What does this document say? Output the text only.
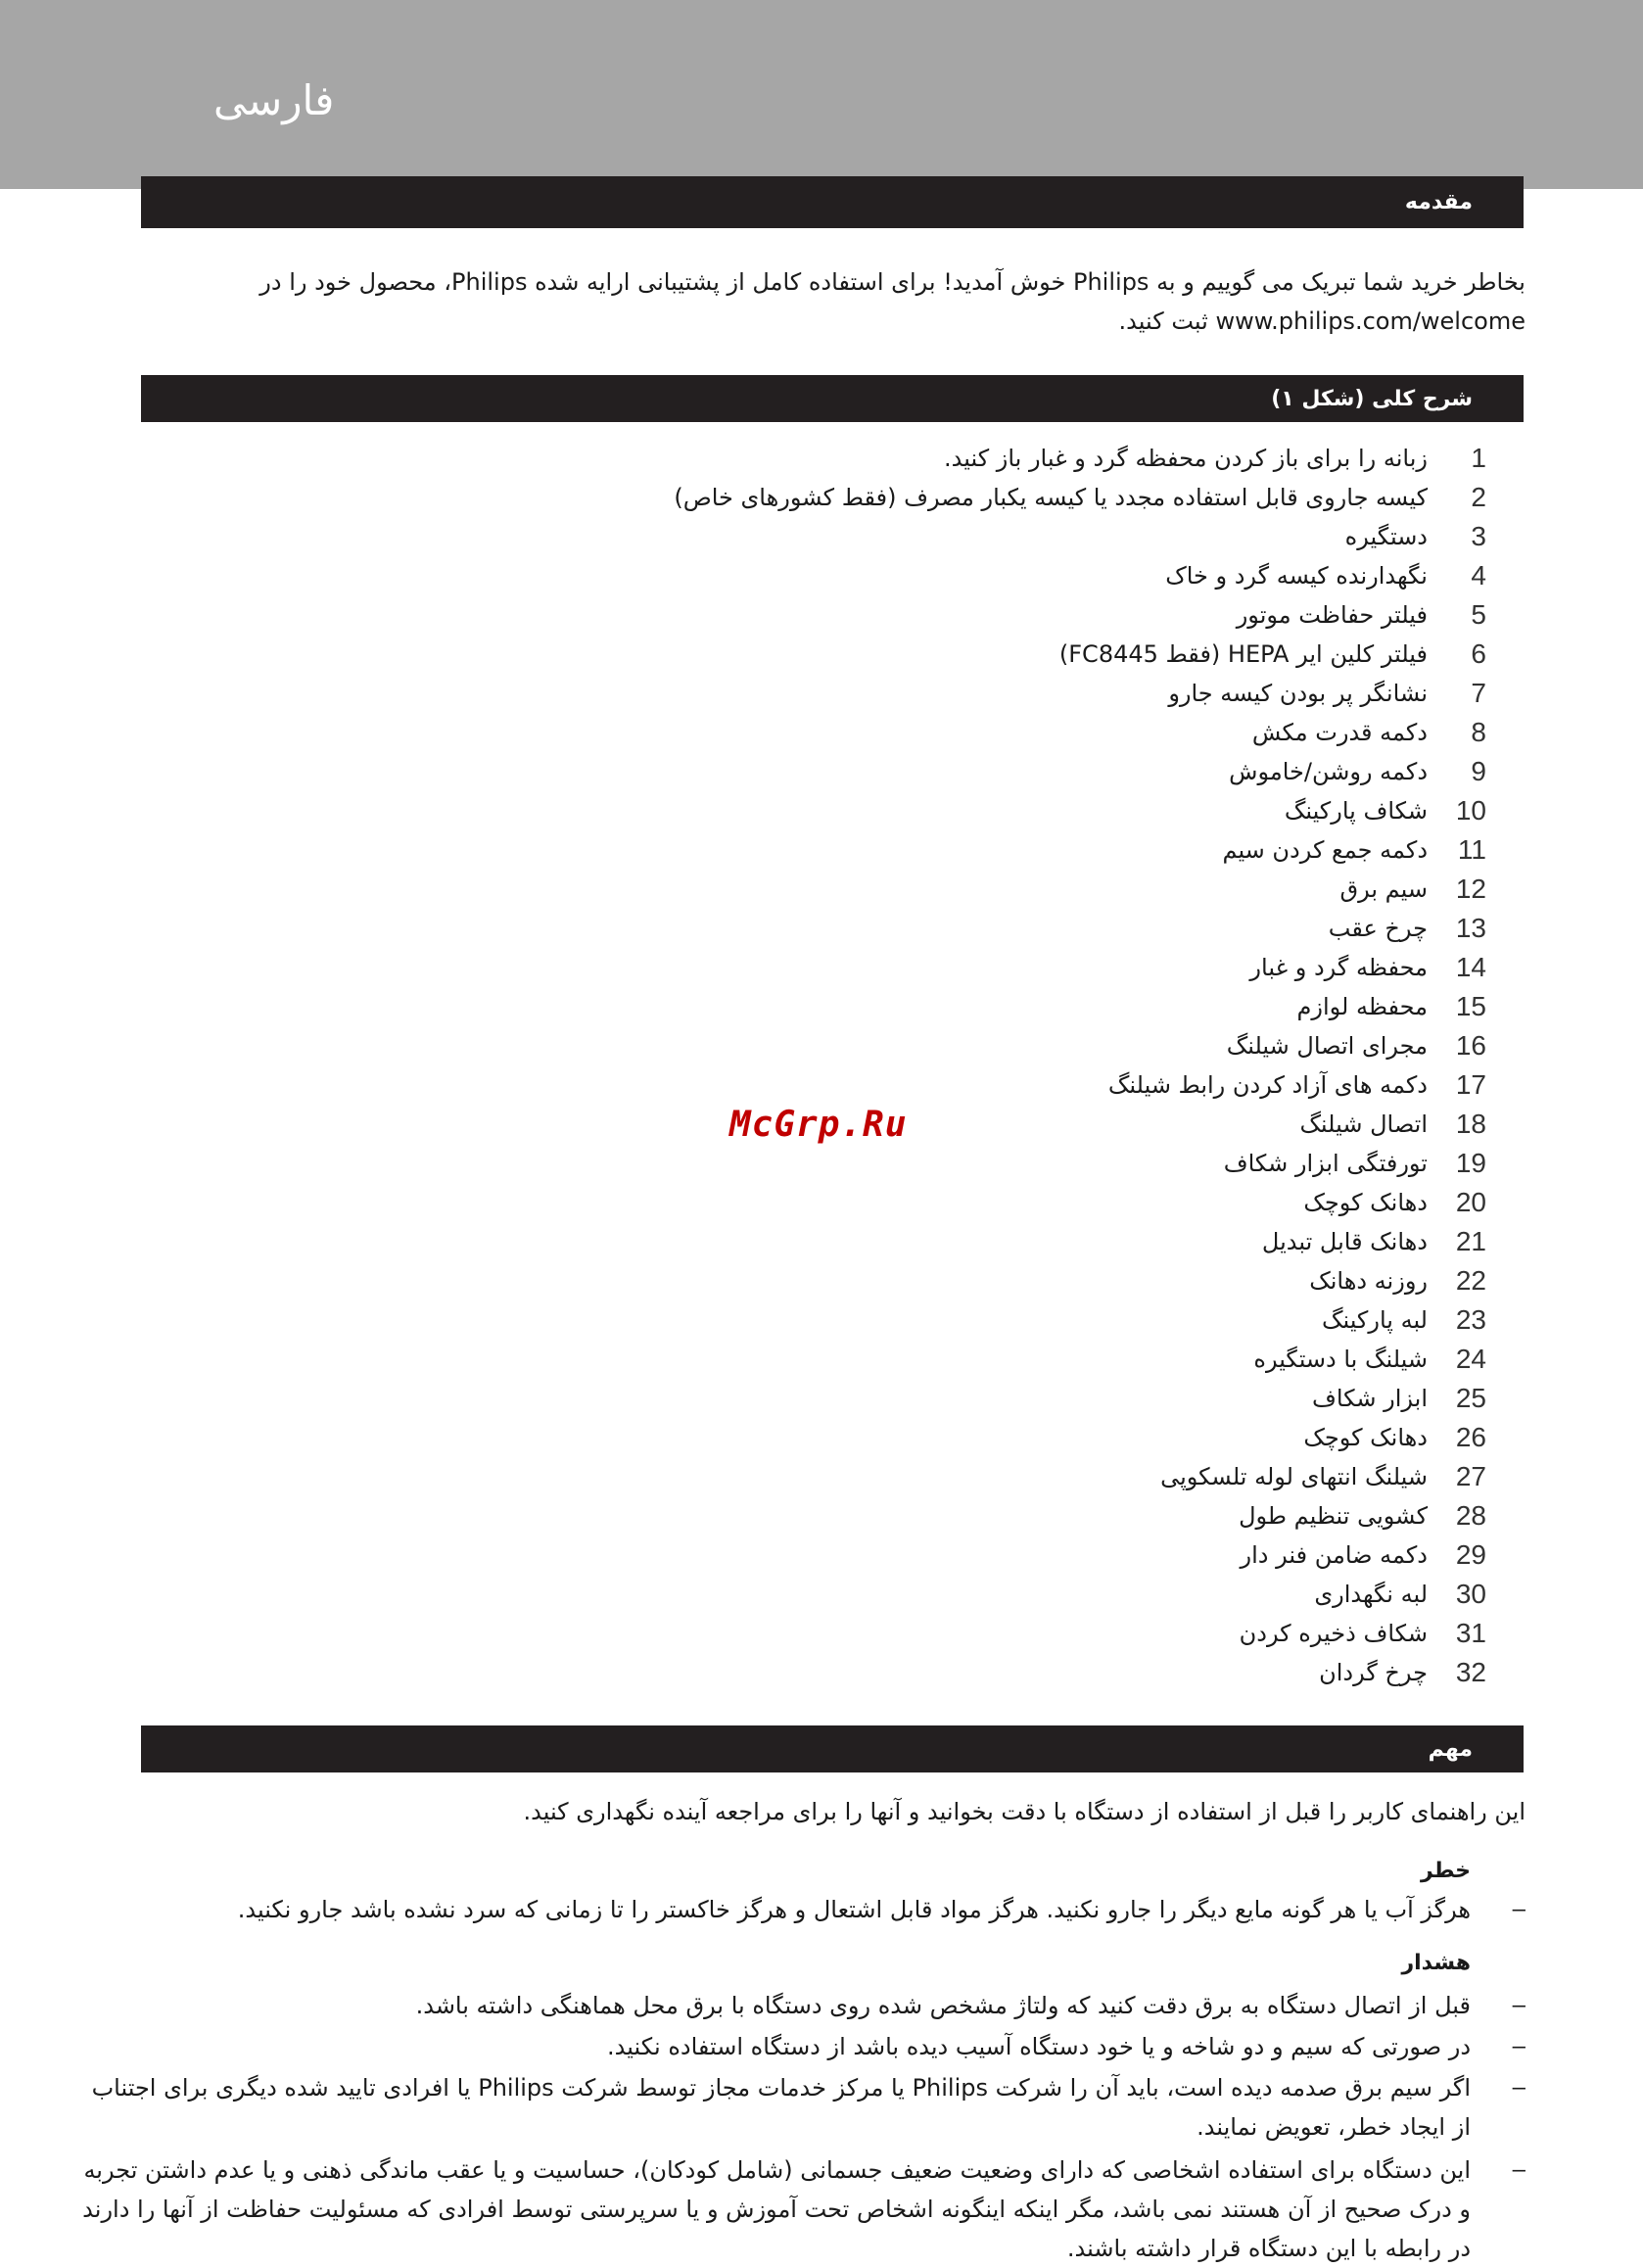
فارسی
مقدمه
بخاطر خرید شما تبریک می گوییم و به Philips خوش آمدید! برای استفاده کامل از پشتیبانی ارایه شده Philips، محصول خود را در
www.philips.com/welcome ثبت کنید.
شرح کلی (شکل ۱)
1
زبانه را برای باز کردن محفظه گرد و غبار باز کنید.
2
کیسه جاروی قابل استفاده مجدد یا کیسه یکبار مصرف (فقط کشورهای خاص)
3
دستگیره
4
نگهدارنده کیسه گرد و خاک
5
فیلتر حفاظت موتور
6
فیلتر کلین ایر HEPA (فقط FC8445)
7
نشانگر پر بودن کیسه جارو
8
دکمه قدرت مکش
9
دکمه روشن/خاموش
10
شکاف پارکینگ
11
دکمه جمع کردن سیم
12
سیم برق
13
چرخ عقب
14
محفظه گرد و غبار
15
محفظه لوازم
16
مجرای اتصال شیلنگ
17
دکمه های آزاد کردن رابط شیلنگ
18
اتصال شیلنگ
19
تورفتگی ابزار شکاف
20
دهانک کوچک
21
دهانک قابل تبدیل
22
روزنه دهانک
23
لبه پارکینگ
24
شیلنگ با دستگیره
25
ابزار شکاف
26
دهانک کوچک
27
شیلنگ انتهای لوله تلسکوپی
28
کشویی تنظیم طول
29
دکمه ضامن فنر دار
30
لبه نگهداری
31
شکاف ذخیره کردن
32
چرخ گردان
McGrp.Ru
مهم
این راهنمای کاربر را قبل از استفاده از دستگاه با دقت بخوانید و آنها را برای مراجعه آینده نگهداری کنید.
خطر
–
هرگز آب یا هر گونه مایع دیگر را جارو نکنید. هرگز مواد قابل اشتعال و هرگز خاکستر را تا زمانی که سرد نشده باشد جارو نکنید.
هشدار
–
قبل از اتصال دستگاه به برق دقت کنید که ولتاژ مشخص شده روی دستگاه با برق محل هماهنگی داشته باشد.
–
در صورتی که سیم و دو شاخه و یا خود دستگاه آسیب دیده باشد از دستگاه استفاده نکنید.
–
اگر سیم برق صدمه دیده است، باید آن را شرکت Philips یا مرکز خدمات مجاز توسط شرکت Philips یا افرادی تایید شده دیگری برای اجتناب از ایجاد خطر، تعویض نمایند.
–
این دستگاه برای استفاده اشخاصی که دارای وضعیت ضعیف جسمانی (شامل کودکان)، حساسیت و یا عقب ماندگی ذهنی و یا عدم داشتن تجربه و درک صحیح از آن هستند نمی باشد، مگر اینکه اینگونه اشخاص تحت آموزش و یا سرپرستی توسط افرادی که مسئولیت حفاظت از آنها را دارند در رابطه با این دستگاه قرار داشته باشند.
